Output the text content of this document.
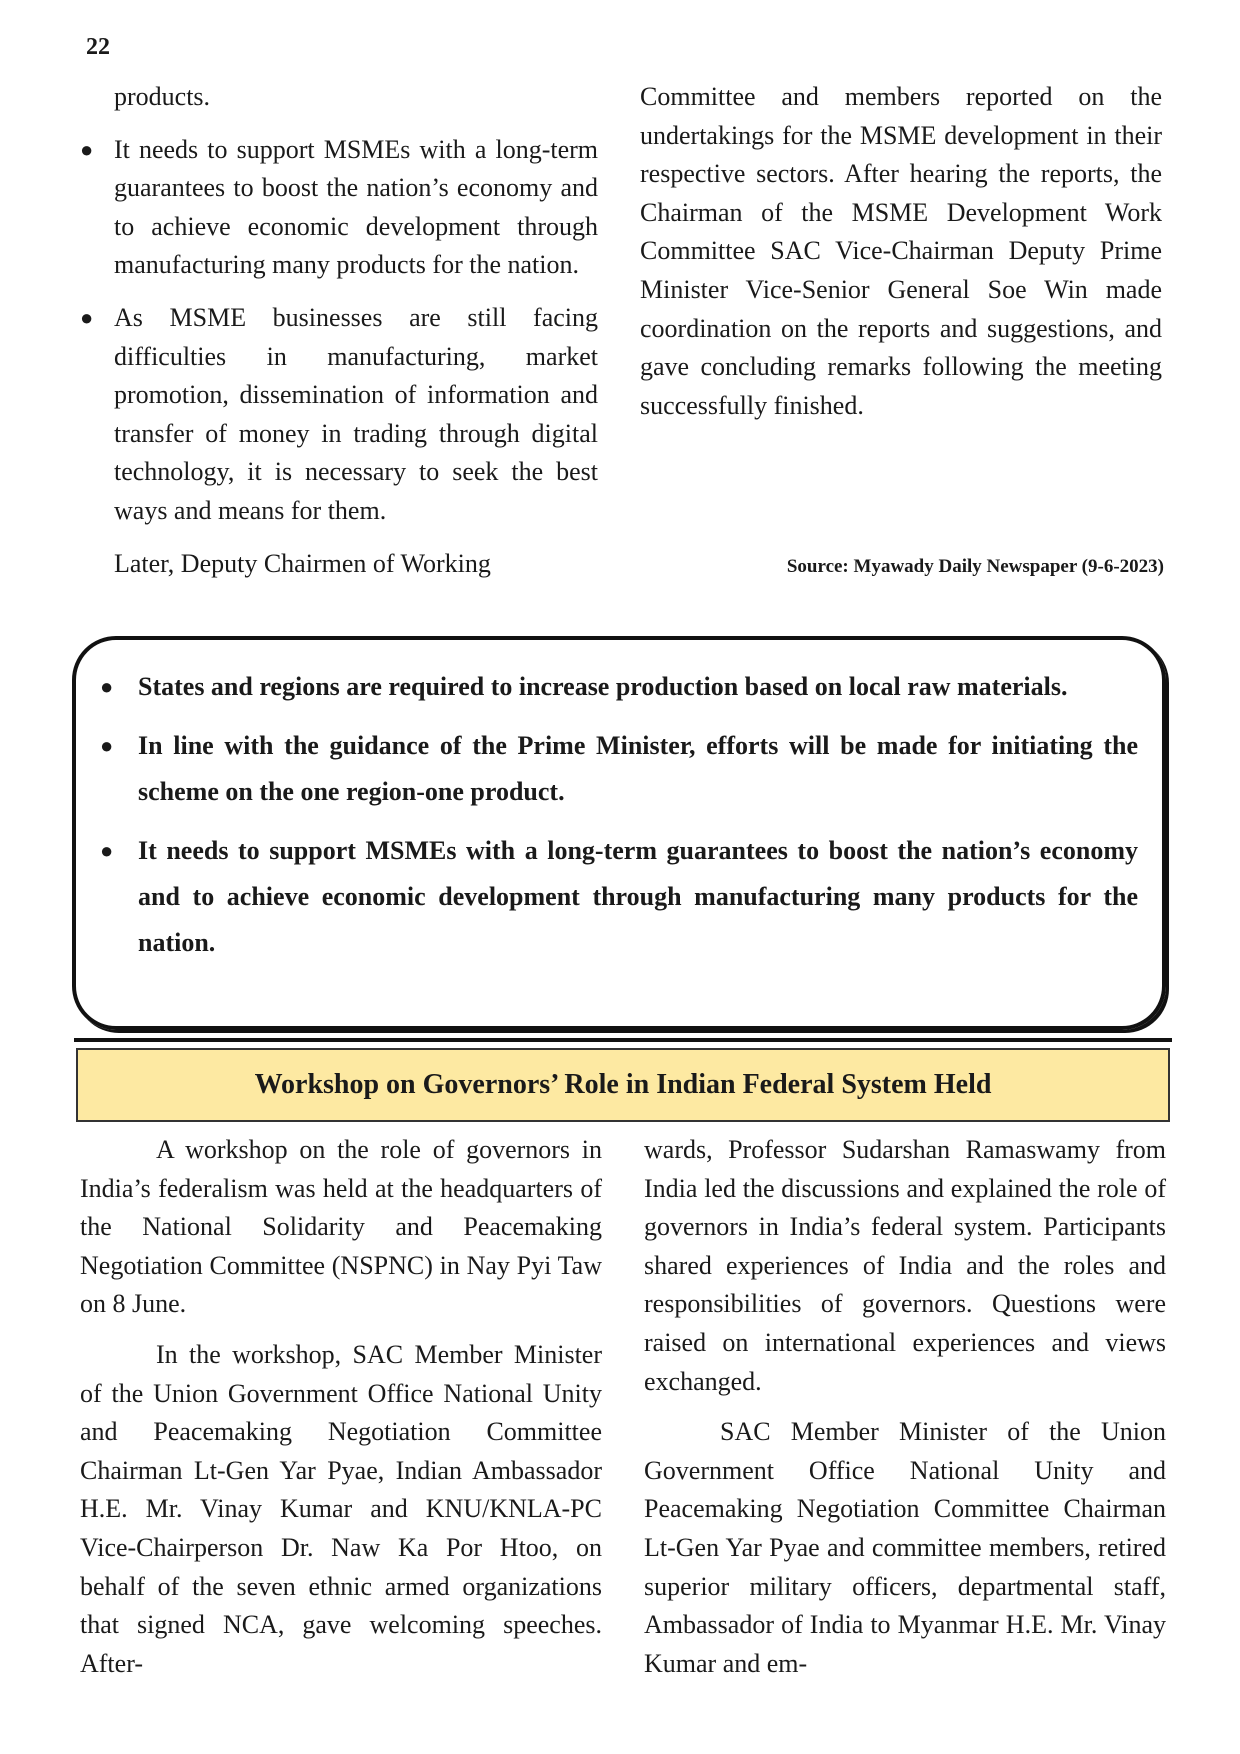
22

products.

● It needs to support MSMEs with a long-term guarantees to boost the nation’s economy and to achieve economic development through manufacturing many products for the nation.
● As MSME businesses are still facing difficulties in manufacturing, market promotion, dissemination of information and transfer of money in trading through digital technology, it is necessary to seek the best ways and means for them.

Later, Deputy Chairmen of Working

Committee and members reported on the undertakings for the MSME development in their respective sectors. After hearing the reports, the Chairman of the MSME Development Work Committee SAC Vice-Chairman Deputy Prime Minister Vice-Senior General Soe Win made coordination on the reports and suggestions, and gave concluding remarks following the meeting successfully finished.

Source: Myawady Daily Newspaper (9-6-2023)
● States and regions are required to increase production based on local raw materials.
● In line with the guidance of the Prime Minister, efforts will be made for initiating the scheme on the one region-one product.
● It needs to support MSMEs with a long-term guarantees to boost the nation’s economy and to achieve economic development through manufacturing many products for the nation.
Workshop on Governors’ Role in Indian Federal System Held

A workshop on the role of governors in India’s federalism was held at the headquarters of the National Solidarity and Peacemaking Negotiation Committee (NSPNC) in Nay Pyi Taw on 8 June.

In the workshop, SAC Member Minister of the Union Government Office National Unity and Peacemaking Negotiation Committee Chairman Lt-Gen Yar Pyae, Indian Ambassador H.E. Mr. Vinay Kumar and KNU/KNLA-PC Vice-Chairperson Dr. Naw Ka Por Htoo, on behalf of the seven ethnic armed organizations that signed NCA, gave welcoming speeches. After-

wards, Professor Sudarshan Ramaswamy from India led the discussions and explained the role of governors in India’s federal system. Participants shared experiences of India and the roles and responsibilities of governors. Questions were raised on international experiences and views exchanged.

SAC Member Minister of the Union Government Office National Unity and Peacemaking Negotiation Committee Chairman Lt-Gen Yar Pyae and committee members, retired superior military officers, departmental staff, Ambassador of India to Myanmar H.E. Mr. Vinay Kumar and em-
